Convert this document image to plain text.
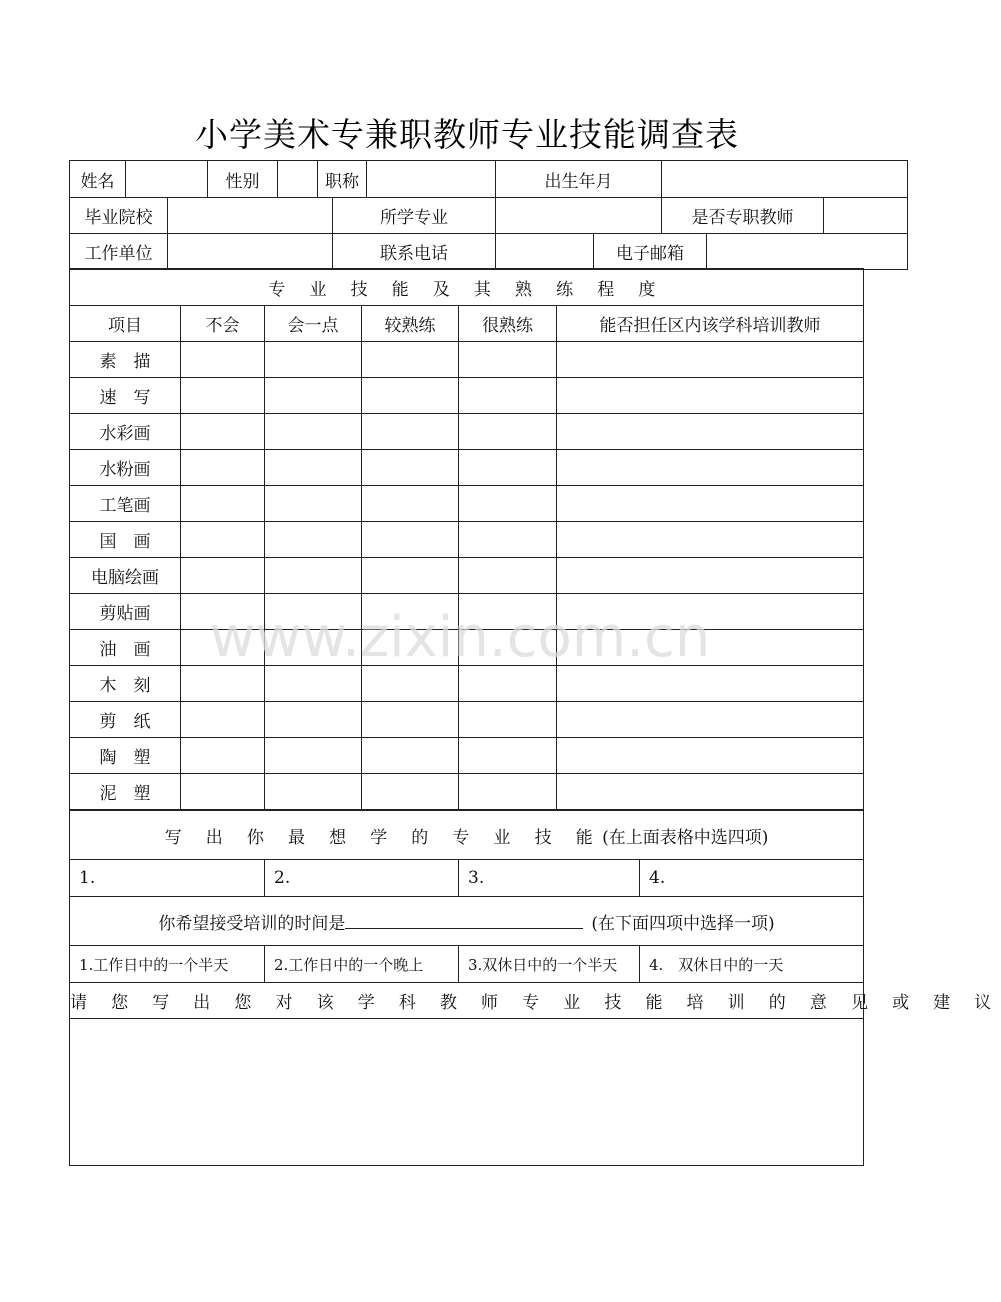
小学美术专兼职教师专业技能调查表
姓名			性别		职称			出生年月				
毕业院校						所学专业				是否专职教师		
工作单位						联系电话			电子邮箱			
专 业 技 能 及 其 熟 练 程 度					
项目	不会	会一点	较熟练	很熟练	能否担任区内该学科培训教师
素　描					
速　写					
水彩画					
水粉画					
工笔画					
国　画					
电脑绘画					
剪贴画					
油　画					
木　刻					
剪　纸					
陶　塑					
泥　塑					
写 出 你 最 想 学 的 专 业 技 能(在上面表格中选四项)
1.	2.	3.	4.
你希望接受培训的时间是	(在下面四项中选择一项)
1.工作日中的一个半天	2.工作日中的一个晚上	3.双休日中的一个半天	4.　双休日中的一天
请 您 写 出 您 对 该 学 科 教 师 专 业 技 能 培 训 的 意 见 或 建 议

www.zixin.com.cn
